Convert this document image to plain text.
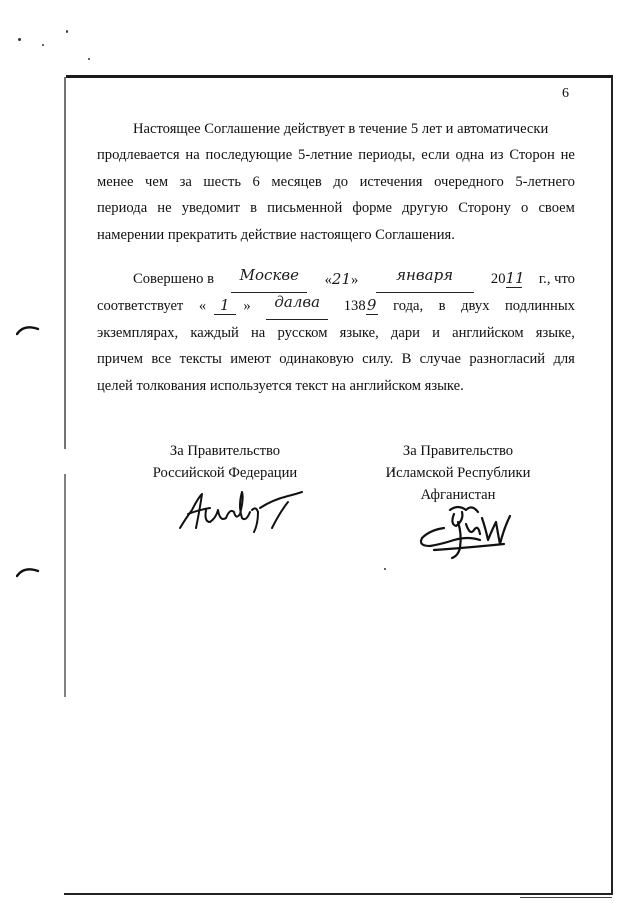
6
Настоящее Соглашение действует в течение 5 лет и автоматически
продлевается на последующие 5-летние периоды, если одна из Сторон не
менее чем за шесть 6 месяцев до истечения очередного 5-летнего
периода не уведомит в письменной форме другую Сторону о своем
намерении прекратить действие настоящего Соглашения.
Совершено в	Москве	«21»	января	2011 г., что
соответствует « 1 »	далва	1389 года, в двух подлинных
экземплярах, каждый на русском языке, дари и английском языке,
причем все тексты имеют одинаковую силу. В случае разногласий для
целей толкования используется текст на английском языке.
За Правительство
Российской Федерации
За Правительство
Исламской Республики
Афганистан
